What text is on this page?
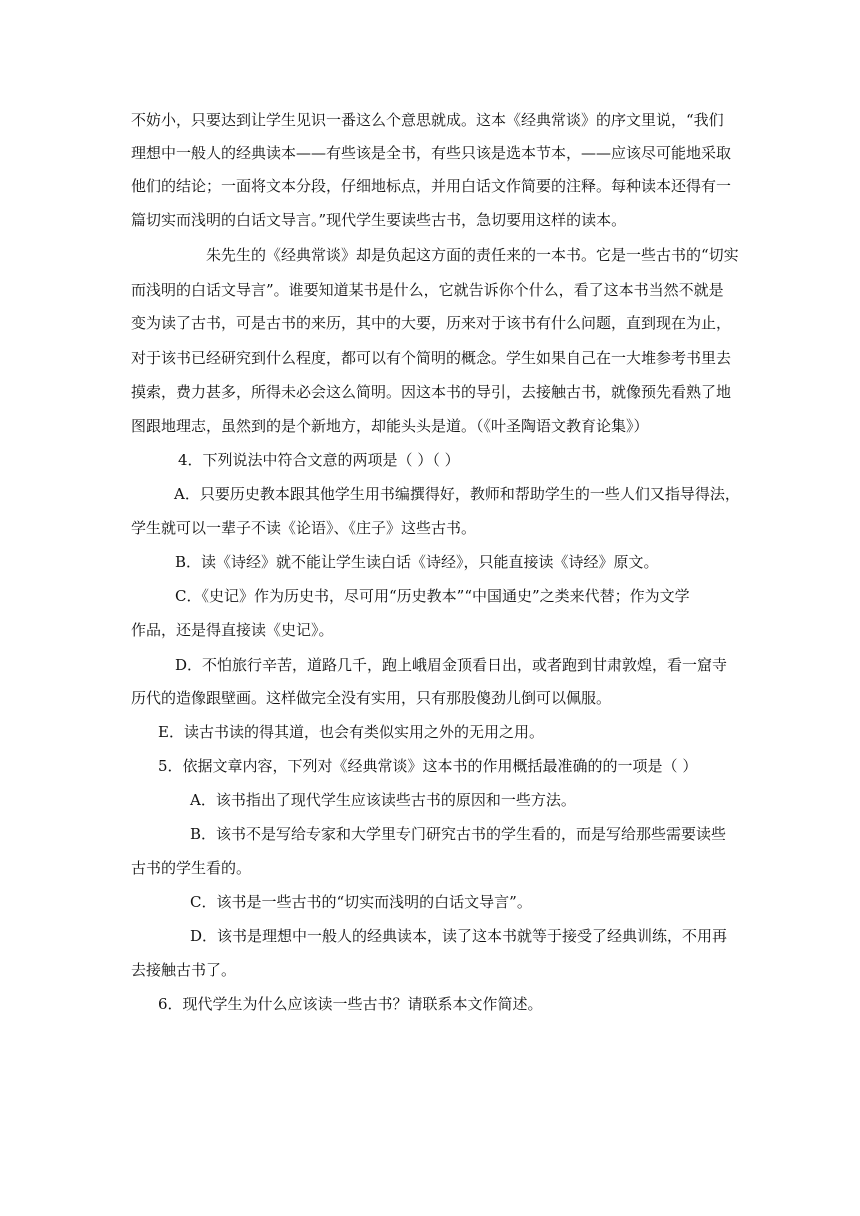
不妨小，只要达到让学生见识一番这么个意思就成。这本《经典常谈》的序文里说，“我们
理想中一般人的经典读本——有些该是全书，有些只该是选本节本，——应该尽可能地采取
他们的结论；一面将文本分段，仔细地标点，并用白话文作简要的注释。每种读本还得有一
篇切实而浅明的白话文导言。”现代学生要读些古书，急切要用这样的读本。
朱先生的《经典常谈》却是负起这方面的责任来的一本书。它是一些古书的“切实
而浅明的白话文导言”。谁要知道某书是什么，它就告诉你个什么，看了这本书当然不就是
变为读了古书，可是古书的来历，其中的大要，历来对于该书有什么问题，直到现在为止，
对于该书已经研究到什么程度，都可以有个简明的概念。学生如果自己在一大堆参考书里去
摸索，费力甚多，所得未必会这么简明。因这本书的导引，去接触古书，就像预先看熟了地
图跟地理志，虽然到的是个新地方，却能头头是道。（《叶圣陶语文教育论集》）
4．下列说法中符合文意的两项是（ ）（ ）
A．只要历史教本跟其他学生用书编撰得好，教师和帮助学生的一些人们又指导得法，
学生就可以一辈子不读《论语》、《庄子》这些古书。
B．读《诗经》就不能让学生读白话《诗经》，只能直接读《诗经》原文。
C．《史记》作为历史书，尽可用“历史教本”“中国通史”之类来代替；作为文学
作品，还是得直接读《史记》。
D．不怕旅行辛苦，道路几千，跑上峨眉金顶看日出，或者跑到甘肃敦煌，看一窟寺
历代的造像跟壁画。这样做完全没有实用，只有那股傻劲儿倒可以佩服。
E．读古书读的得其道，也会有类似实用之外的无用之用。
5．依据文章内容，下列对《经典常谈》这本书的作用概括最准确的的一项是（ ）
A．该书指出了现代学生应该读些古书的原因和一些方法。
B．该书不是写给专家和大学里专门研究古书的学生看的，而是写给那些需要读些
古书的学生看的。
C．该书是一些古书的“切实而浅明的白话文导言”。
D．该书是理想中一般人的经典读本，读了这本书就等于接受了经典训练，不用再
去接触古书了。
6．现代学生为什么应该读一些古书？请联系本文作简述。
